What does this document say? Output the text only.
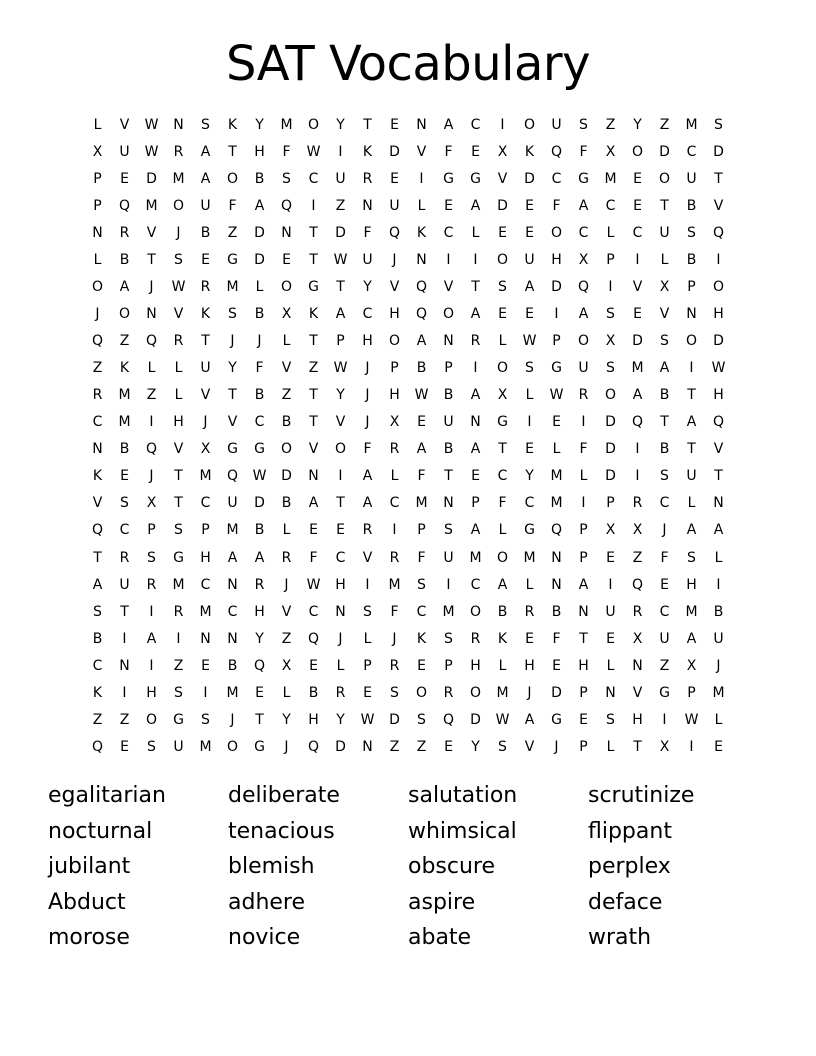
SAT Vocabulary
L	V	W	N	S	K	Y	M	O	Y	T	E	N	A	C	I	O	U	S	Z	Y	Z	M	S
X	U	W	R	A	T	H	F	W	I	K	D	V	F	E	X	K	Q	F	X	O	D	C	D
P	E	D	M	A	O	B	S	C	U	R	E	I	G	G	V	D	C	G	M	E	O	U	T
P	Q	M	O	U	F	A	Q	I	Z	N	U	L	E	A	D	E	F	A	C	E	T	B	V
N	R	V	J	B	Z	D	N	T	D	F	Q	K	C	L	E	E	O	C	L	C	U	S	Q
L	B	T	S	E	G	D	E	T	W	U	J	N	I	I	O	U	H	X	P	I	L	B	I
O	A	J	W	R	M	L	O	G	T	Y	V	Q	V	T	S	A	D	Q	I	V	X	P	O
J	O	N	V	K	S	B	X	K	A	C	H	Q	O	A	E	E	I	A	S	E	V	N	H
Q	Z	Q	R	T	J	J	L	T	P	H	O	A	N	R	L	W	P	O	X	D	S	O	D
Z	K	L	L	U	Y	F	V	Z	W	J	P	B	P	I	O	S	G	U	S	M	A	I	W
R	M	Z	L	V	T	B	Z	T	Y	J	H	W	B	A	X	L	W	R	O	A	B	T	H
C	M	I	H	J	V	C	B	T	V	J	X	E	U	N	G	I	E	I	D	Q	T	A	Q
N	B	Q	V	X	G	G	O	V	O	F	R	A	B	A	T	E	L	F	D	I	B	T	V
K	E	J	T	M	Q	W	D	N	I	A	L	F	T	E	C	Y	M	L	D	I	S	U	T
V	S	X	T	C	U	D	B	A	T	A	C	M	N	P	F	C	M	I	P	R	C	L	N
Q	C	P	S	P	M	B	L	E	E	R	I	P	S	A	L	G	Q	P	X	X	J	A	A
T	R	S	G	H	A	A	R	F	C	V	R	F	U	M	O	M	N	P	E	Z	F	S	L
A	U	R	M	C	N	R	J	W	H	I	M	S	I	C	A	L	N	A	I	Q	E	H	I
S	T	I	R	M	C	H	V	C	N	S	F	C	M	O	B	R	B	N	U	R	C	M	B
B	I	A	I	N	N	Y	Z	Q	J	L	J	K	S	R	K	E	F	T	E	X	U	A	U
C	N	I	Z	E	B	Q	X	E	L	P	R	E	P	H	L	H	E	H	L	N	Z	X	J
K	I	H	S	I	M	E	L	B	R	E	S	O	R	O	M	J	D	P	N	V	G	P	M
Z	Z	O	G	S	J	T	Y	H	Y	W	D	S	Q	D	W	A	G	E	S	H	I	W	L
Q	E	S	U	M	O	G	J	Q	D	N	Z	Z	E	Y	S	V	J	P	L	T	X	I	E
egalitarian	deliberate	salutation	scrutinize
nocturnal	tenacious	whimsical	flippant
jubilant	blemish	obscure	perplex
Abduct	adhere	aspire	deface
morose	novice	abate	wrath
